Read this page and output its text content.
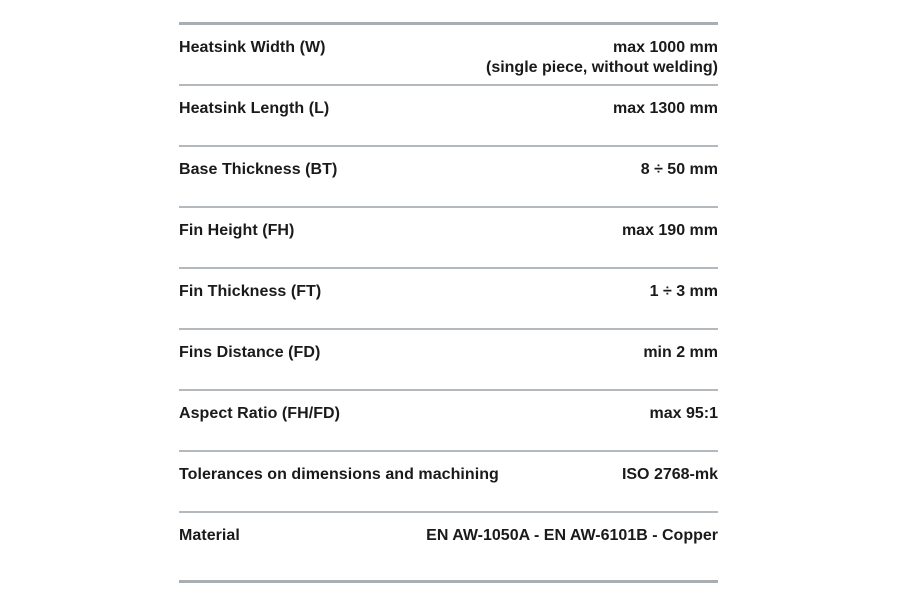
Heatsink Width (W)	max 1000 mm
(single piece, without welding)
Heatsink Length (L)	max 1300 mm
Base Thickness (BT)	8 ÷ 50 mm
Fin Height (FH)	max 190 mm
Fin Thickness (FT)	1 ÷ 3 mm
Fins Distance (FD)	min 2 mm
Aspect Ratio (FH/FD)	max 95:1
Tolerances on dimensions and machining	ISO 2768-mk
Material	EN AW-1050A - EN AW-6101B - Copper
